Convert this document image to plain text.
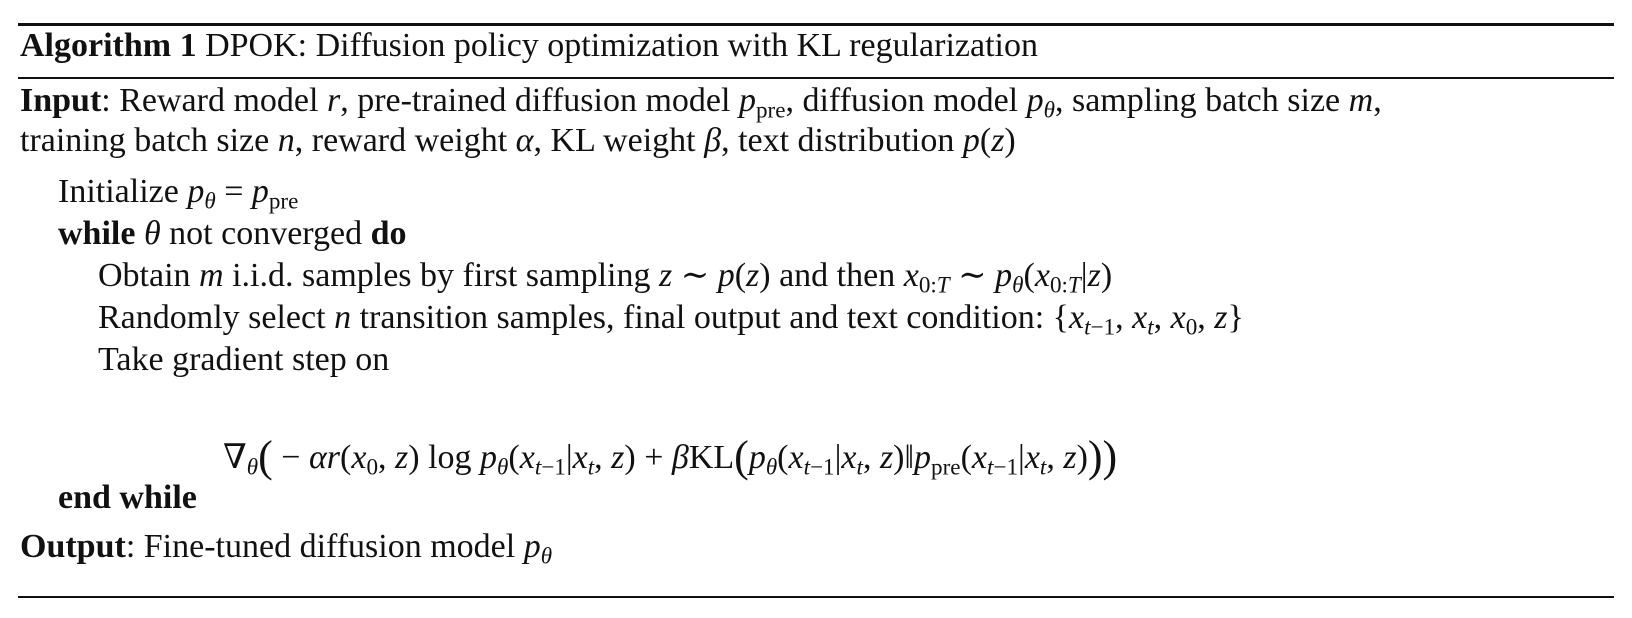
Algorithm 1 DPOK: Diffusion policy optimization with KL regularization
Input: Reward model r, pre-trained diffusion model $p_{pre}$, diffusion model $p_\theta$, sampling batch size m,
training batch size n, reward weight α, KL weight β, text distribution p(z)
Initialize $p_\theta = p_{pre}$
while θ not converged do
Obtain m i.i.d. samples by first sampling z ∼ p(z) and then $x_{0:T}$ ∼ $p_\theta(x_{0:T}|z)$
Randomly select n transition samples, final output and text condition: {$x_{t-1}$, $x_t$, $x_0$, z}
Take gradient step on
$\nabla_\theta( - \alpha r(x_0$, z) $\log p_\theta(x_{t-1}|x_t$, $z) + \beta KL(p_\theta(x_{t-1}|x_t$, $z)‖p_{pre}(x_{t-1}|x_t$, z)))
end while
Output: Fine-tuned diffusion model $p_\theta$
